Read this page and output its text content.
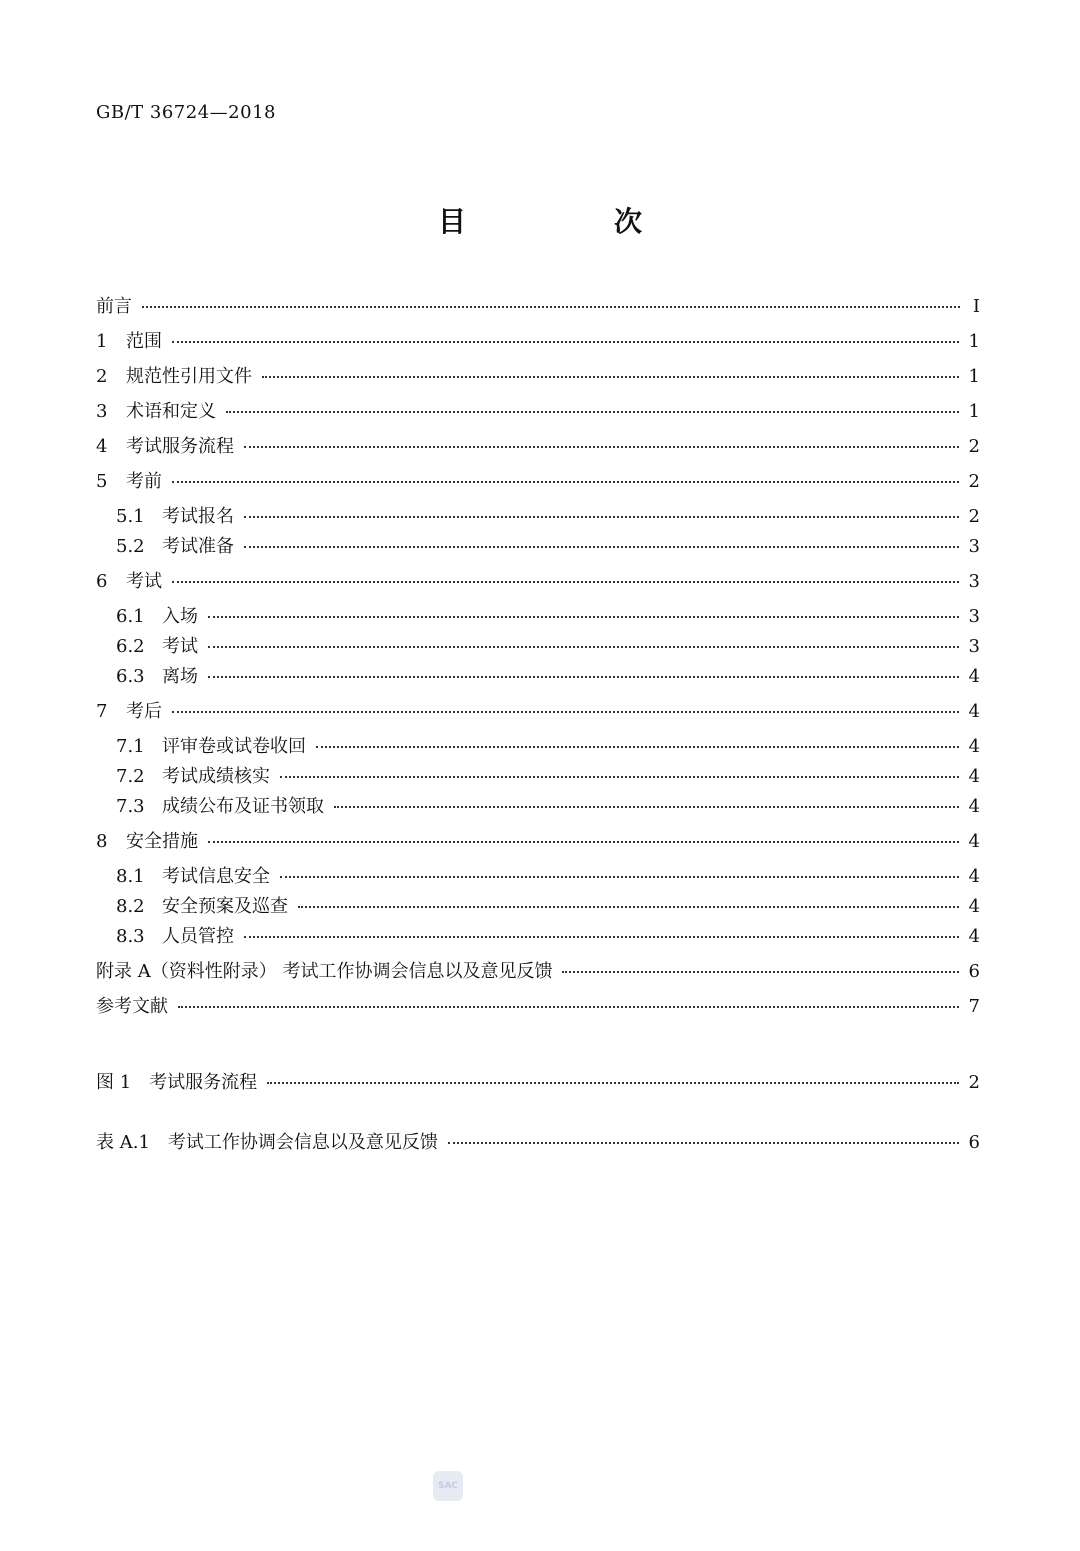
GB/T 36724—2018
目　次
前言	Ⅰ
1	范围	1
2	规范性引用文件	1
3	术语和定义	1
4	考试服务流程	2
5	考前	2
5.1 考试报名	2
5.2 考试准备	3
6	考试	3
6.1 入场	3
6.2 考试	3
6.3 离场	4
7	考后	4
7.1 评审卷或试卷收回	4
7.2 考试成绩核实	4
7.3 成绩公布及证书领取	4
8	安全措施	4
8.1 考试信息安全	4
8.2 安全预案及巡查	4
8.3 人员管控	4
附录 A（资料性附录） 考试工作协调会信息以及意见反馈	6
参考文献	7
图 1　考试服务流程	2
表 A.1　考试工作协调会信息以及意见反馈	6
SAC
